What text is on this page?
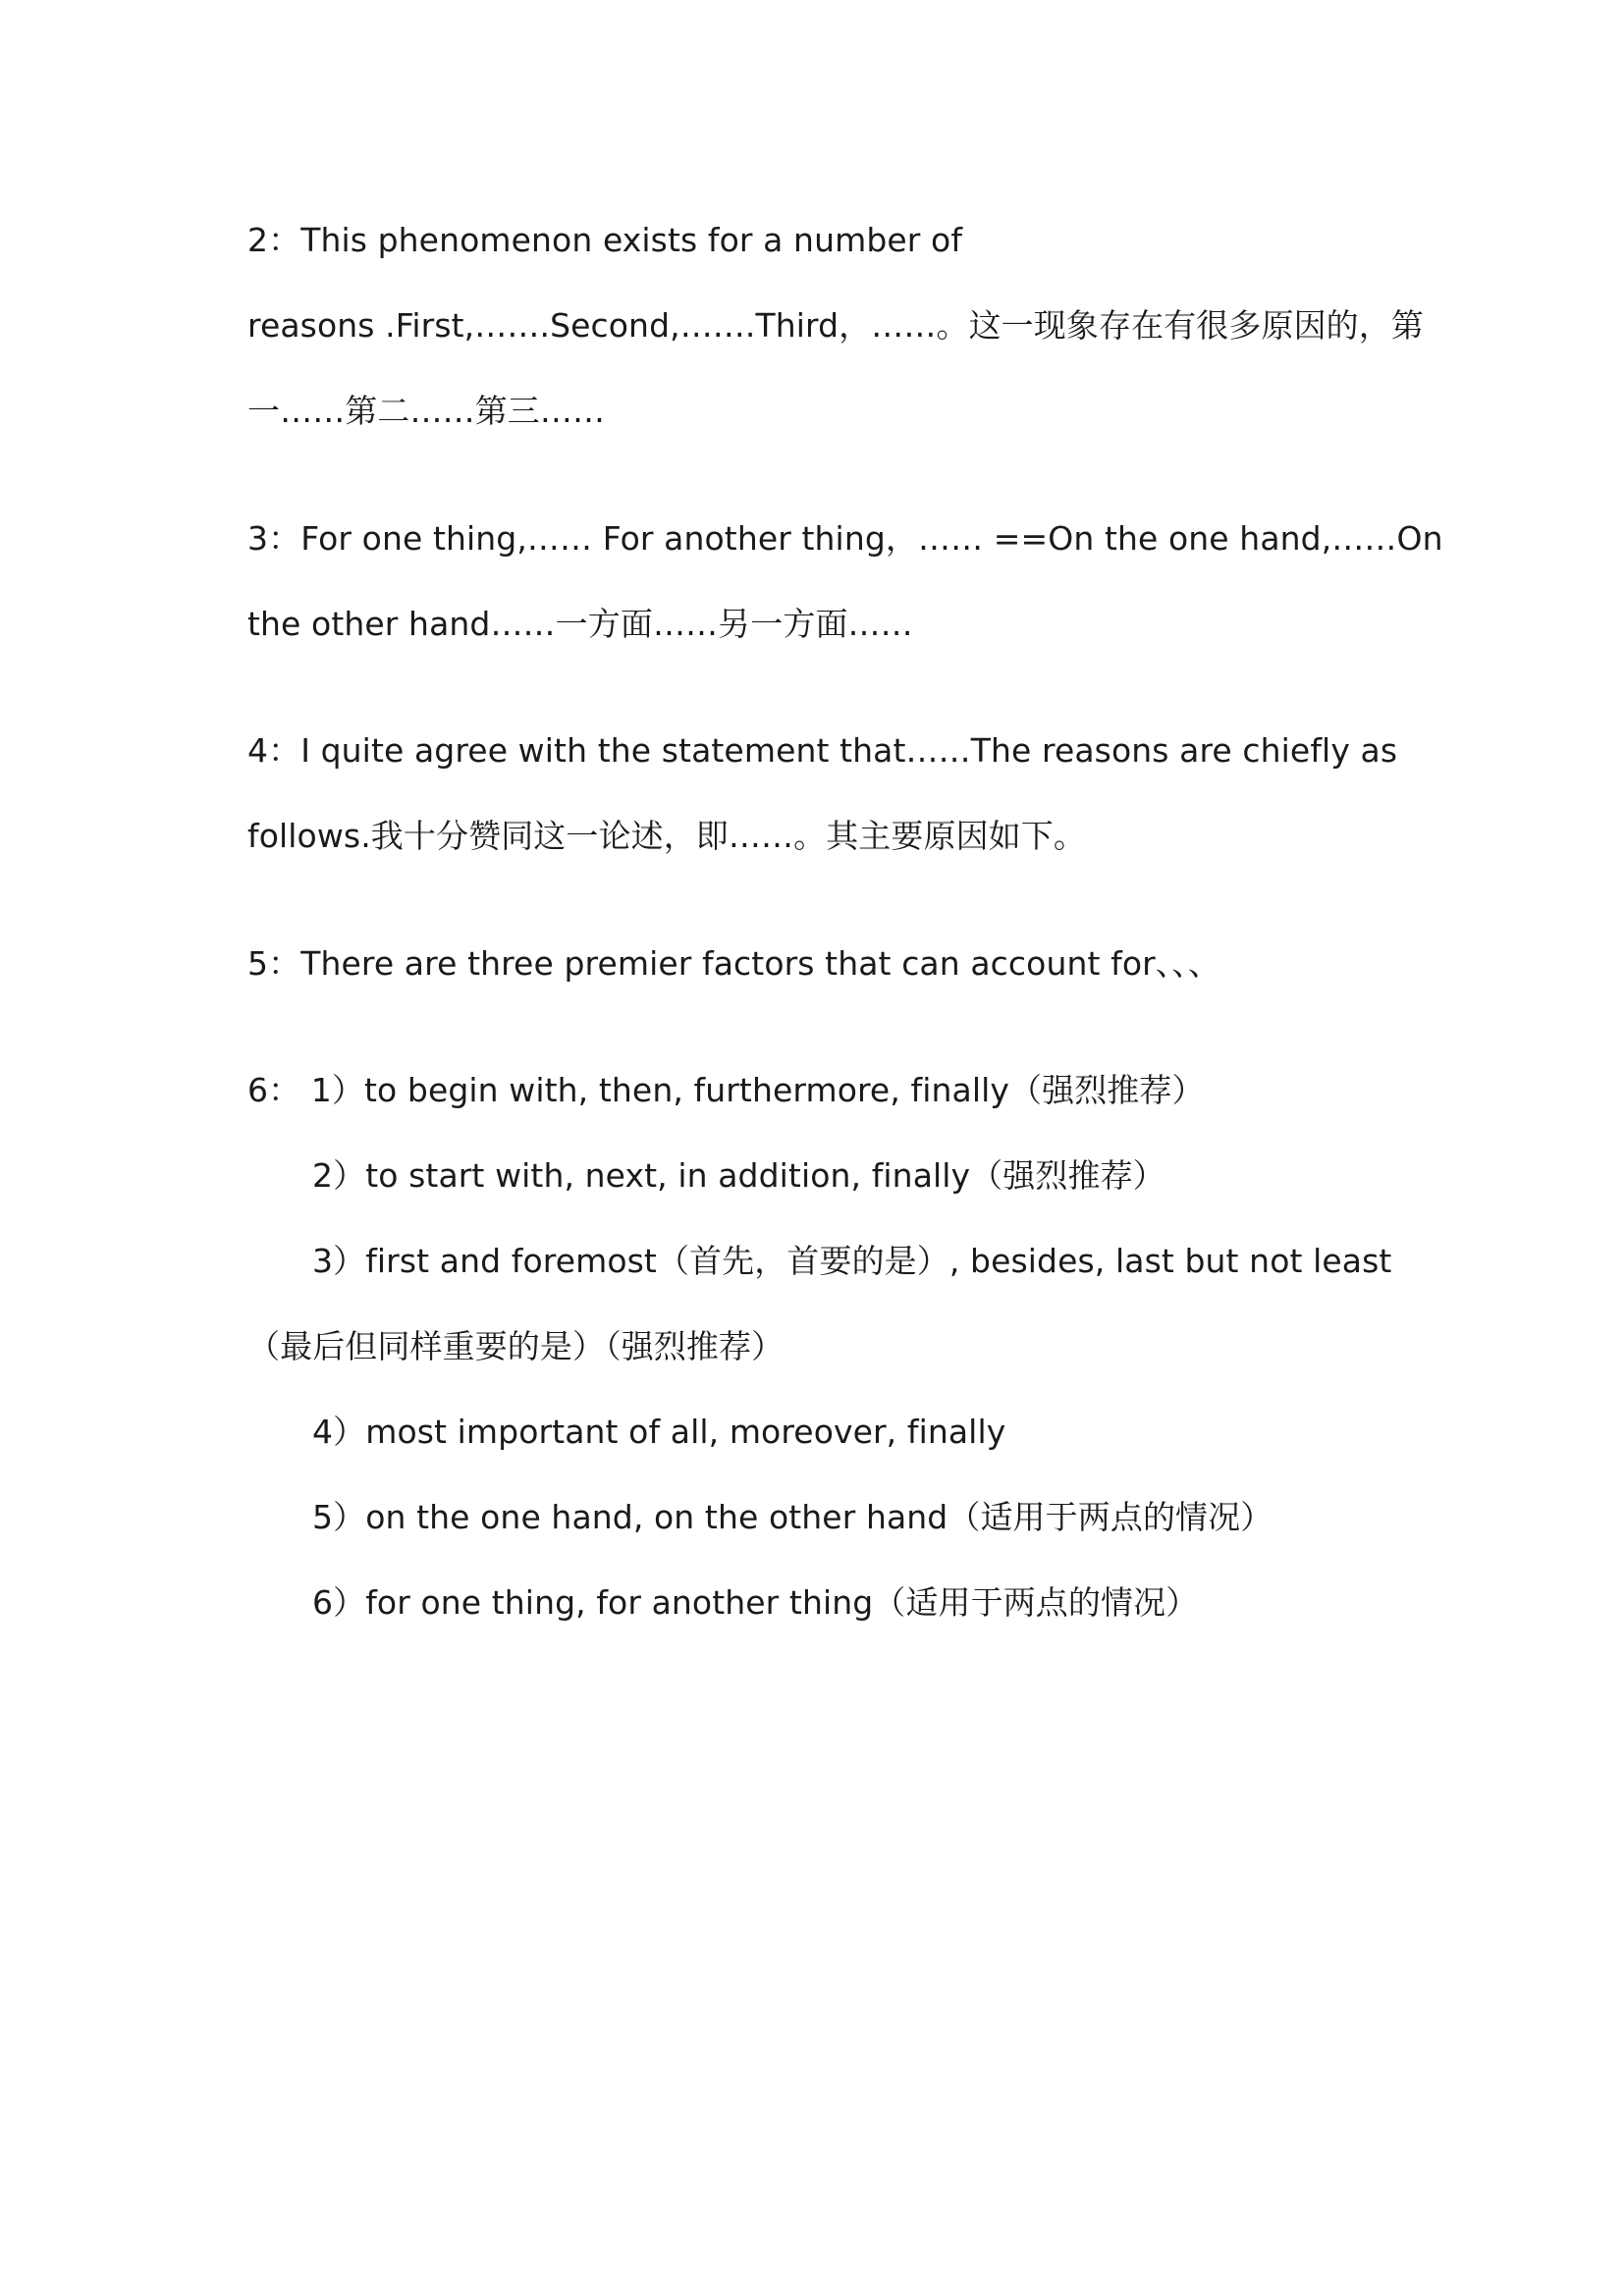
2：This phenomenon exists for a number of
reasons .First,…….Second,…….Third，……。这一现象存在有很多原因的，第
一……第二……第三……
3：For one thing,…… For another thing，…… ==On the one hand,……On
the other hand……一方面……另一方面……
4：I quite agree with the statement that……The reasons are chiefly as
follows.我十分赞同这一论述，即……。其主要原因如下。
5：There are three premier factors that can account for、、、
6： 1）to begin with, then, furthermore, finally（强烈推荐）
2）to start with, next, in addition, finally（强烈推荐）
3）first and foremost（首先，首要的是）, besides, last but not least
（最后但同样重要的是）（强烈推荐）
4）most important of all, moreover, finally
5）on the one hand, on the other hand（适用于两点的情况）
6）for one thing, for another thing（适用于两点的情况）
